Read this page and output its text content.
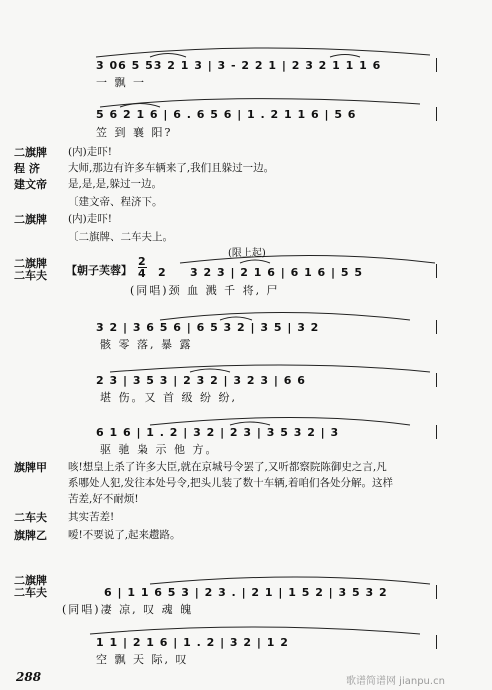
3 06 5 53 2 1 3 | 3 - 2 2 1 | 2 3 2 1 1 1 6
一 飘 一
5 6 2 1 6 | 6 . 6 5 6 | 1 . 2 1 1 6 | 5 6
笠 到 襄 阳?
二旗牌 (内)走吓!
程 济	大师,那边有许多车辆来了,我们且躲过一边。
建文帝 是,是,是,躲过一边。
〔建文帝、程济下。
二旗牌 (内)走吓!
〔二旗牌、二车夫上。
(限上起)
二旗牌
二车夫 【朝子芙蓉】
2
4 2 3 2 3 | 2 1 6 | 6 1 6 | 5 5
(同唱)颈 血 溅 千 将, 尸
3 2 | 3 6 5 6 | 6 5 3 2 | 3 5 | 3 2
骸 零 落, 暴 露
2 3 | 3 5 3 | 2 3 2 | 3 2 3 | 6 6
堪 伤。又 首 级 纷 纷,
6 1 6 | 1 . 2 | 3 2 | 2 3 | 3 5 3 2 | 3
驱 驰 枭 示 他 方。
旗牌甲 咳!想皇上杀了许多大臣,就在京城号令罢了,又听都察院陈御史之言,凡
系哪处人犯,发往本处号令,把头儿装了数十车辆,着咱们各处分解。这样
苦差,好不耐烦!
二车夫 其实苦差!
旗牌乙 嗳!不要说了,起来趱路。
二旗牌
二车夫	6 | 1 1 6 5 3 | 2 3 . | 2 1 | 1 5 2 | 3 5 3 2
(同唱)凄 凉, 叹 魂 魄
1 1 | 2 1 6 | 1 . 2 | 3 2 | 1 2
空 飘 天 际, 叹
288	歌谱简谱网 jianpu.cn
